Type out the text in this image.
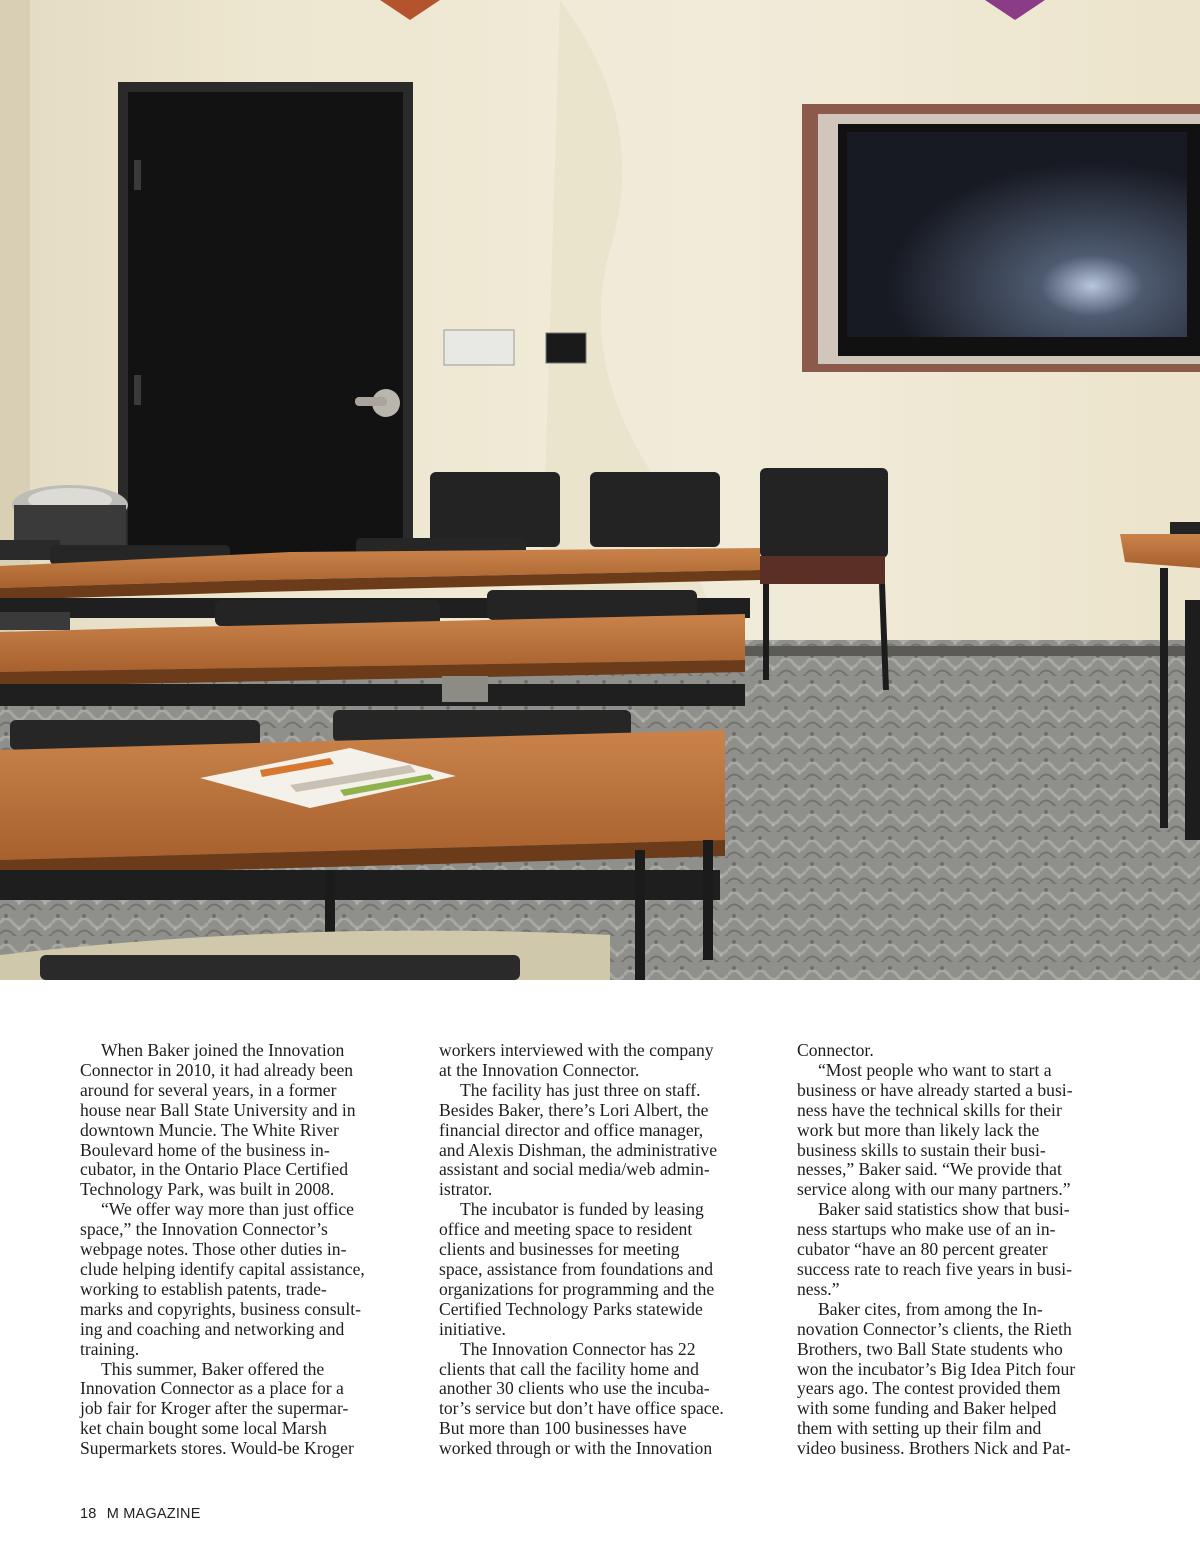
When Baker joined the Innovation
Connector in 2010, it had already been
around for several years, in a former
house near Ball State University and in
downtown Muncie. The White River
Boulevard home of the business in-
cubator, in the Ontario Place Certified
Technology Park, was built in 2008.

“We offer way more than just office
space,” the Innovation Connector’s
webpage notes. Those other duties in-
clude helping identify capital assistance,
working to establish patents, trade-
marks and copyrights, business consult-
ing and coaching and networking and
training.

This summer, Baker offered the
Innovation Connector as a place for a
job fair for Kroger after the supermar-
ket chain bought some local Marsh
Supermarkets stores. Would-be Kroger

workers interviewed with the company
at the Innovation Connector.

The facility has just three on staff.
Besides Baker, there’s Lori Albert, the
financial director and office manager,
and Alexis Dishman, the administrative
assistant and social media/web admin-
istrator.

The incubator is funded by leasing
office and meeting space to resident
clients and businesses for meeting
space, assistance from foundations and
organizations for programming and the
Certified Technology Parks statewide
initiative.

The Innovation Connector has 22
clients that call the facility home and
another 30 clients who use the incuba-
tor’s service but don’t have office space.
But more than 100 businesses have
worked through or with the Innovation

Connector.

“Most people who want to start a
business or have already started a busi-
ness have the technical skills for their
work but more than likely lack the
business skills to sustain their busi-
nesses,” Baker said. “We provide that
service along with our many partners.”

Baker said statistics show that busi-
ness startups who make use of an in-
cubator “have an 80 percent greater
success rate to reach five years in busi-
ness.”

Baker cites, from among the In-
novation Connector’s clients, the Rieth
Brothers, two Ball State students who
won the incubator’s Big Idea Pitch four
years ago. The contest provided them
with some funding and Baker helped
them with setting up their film and
video business. Brothers Nick and Pat-

18 M MAGAZINE
